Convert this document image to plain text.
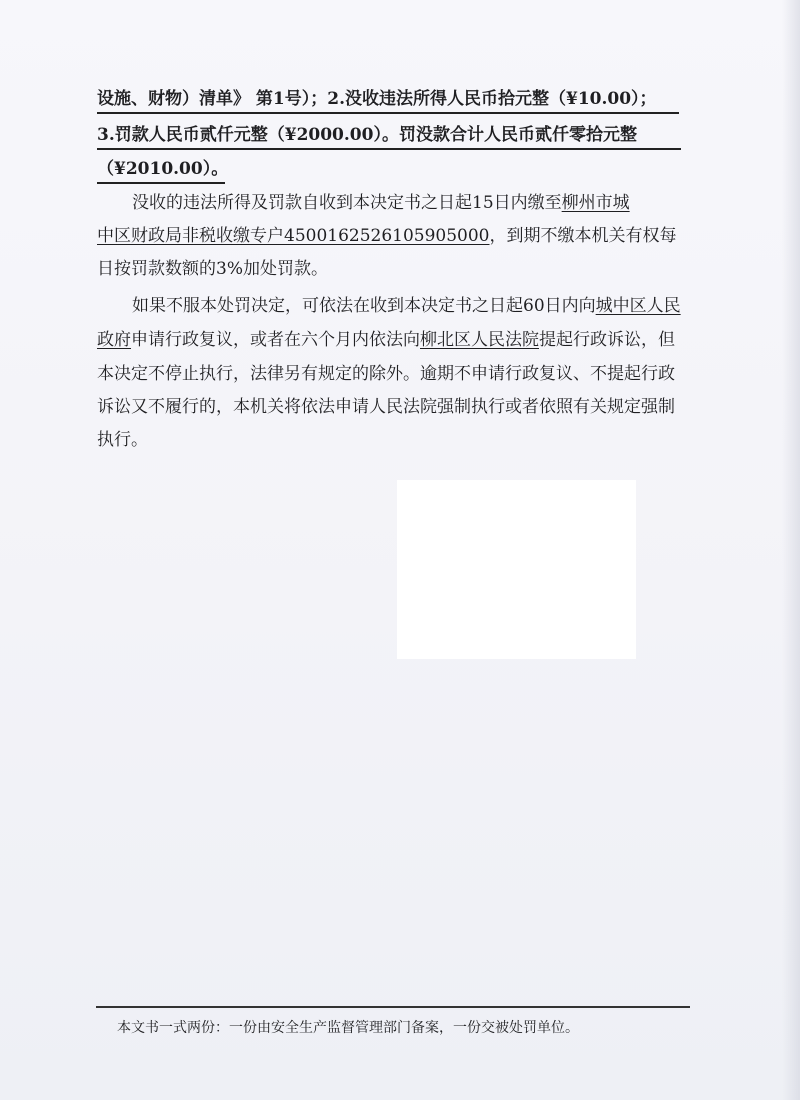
设施、财物）清单》 第1号）；2.没收违法所得人民币拾元整（¥10.00）；
3.罚款人民币贰仟元整（¥2000.00）。罚没款合计人民币贰仟零拾元整
（¥2010.00）。
没收的违法所得及罚款自收到本决定书之日起15日内缴至柳州市城
中区财政局非税收缴专户4500162526105905000，到期不缴本机关有权每
日按罚款数额的3%加处罚款。
如果不服本处罚决定，可依法在收到本决定书之日起60日内向城中区人民
政府申请行政复议，或者在六个月内依法向柳北区人民法院提起行政诉讼，但
本决定不停止执行，法律另有规定的除外。逾期不申请行政复议、不提起行政
诉讼又不履行的，本机关将依法申请人民法院强制执行或者依照有关规定强制
执行。
本文书一式两份：一份由安全生产监督管理部门备案，一份交被处罚单位。
